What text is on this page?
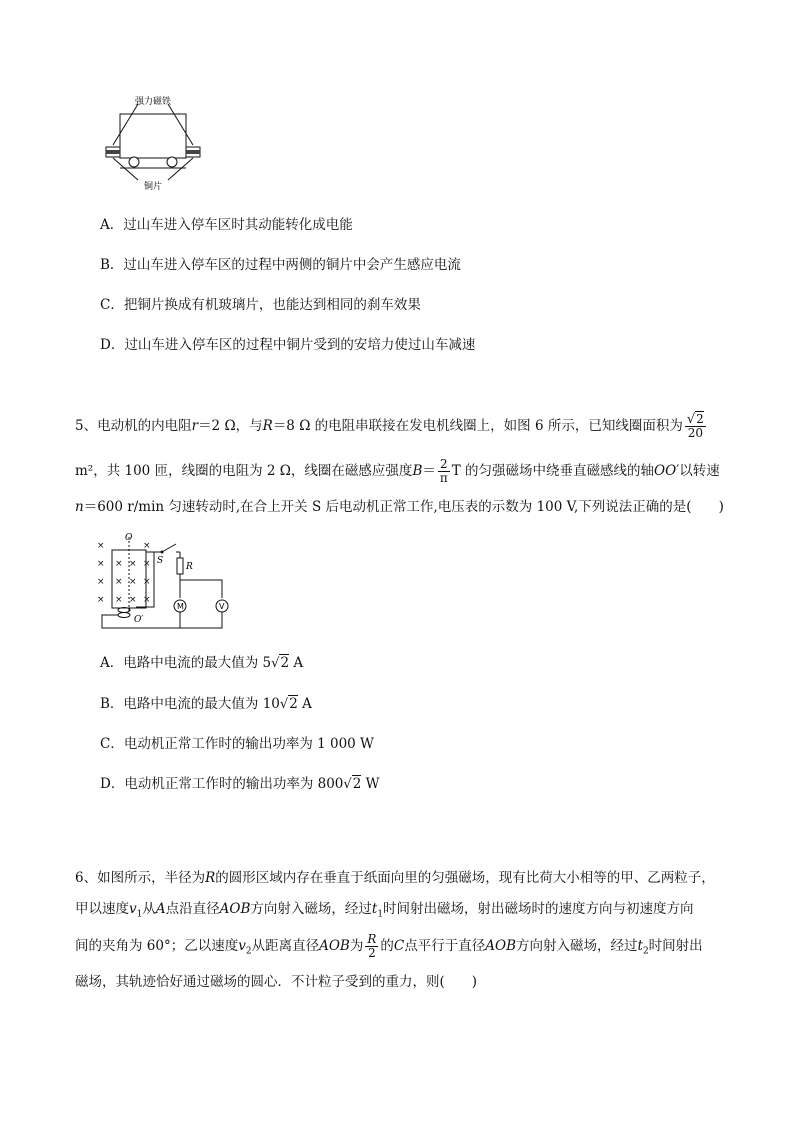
强力磁铁
铜片
A．过山车进入停车区时其动能转化成电能
B．过山车进入停车区的过程中两侧的铜片中会产生感应电流
C．把铜片换成有机玻璃片，也能达到相同的刹车效果
D．过山车进入停车区的过程中铜片受到的安培力使过山车减速
5、电动机的内电阻r＝2 Ω，与R＝8 Ω 的电阻串联接在发电机线圈上，如图 6 所示，已知线圈面积为 $\frac{√2}{20}$
m²，共 100 匝，线圈的电阻为 2 Ω，线圈在磁感应强度$B= \frac{2}{\pi}$ T 的匀强磁场中绕垂直磁感线的轴OO′以转速
n＝600 r/min 匀速转动时,在合上开关 S 后电动机正常工作,电压表的示数为 100 V,下列说法正确的是(　　)
×
×
×
×
×
×
×
×
×
×
×
×
×
×
O
O′
S
R
M	V
A．电路中电流的最大值为 5√2 A
B．电路中电流的最大值为 10√2 A
C．电动机正常工作时的输出功率为 1 000 W
D．电动机正常工作时的输出功率为 800√2 W
6、如图所示，半径为R的圆形区域内存在垂直于纸面向里的匀强磁场，现有比荷大小相等的甲、乙两粒子，
甲以速度$v_1$从A点沿直径AOB方向射入磁场，经过$t_1$时间射出磁场，射出磁场时的速度方向与初速度方向
间的夹角为 60°；乙以速度$v_2$从距离直径AOB为 $\frac{R}{2}$ 的C点平行于直径AOB方向射入磁场，经过$t_2$时间射出
磁场，其轨迹恰好通过磁场的圆心．不计粒子受到的重力，则(　　)
